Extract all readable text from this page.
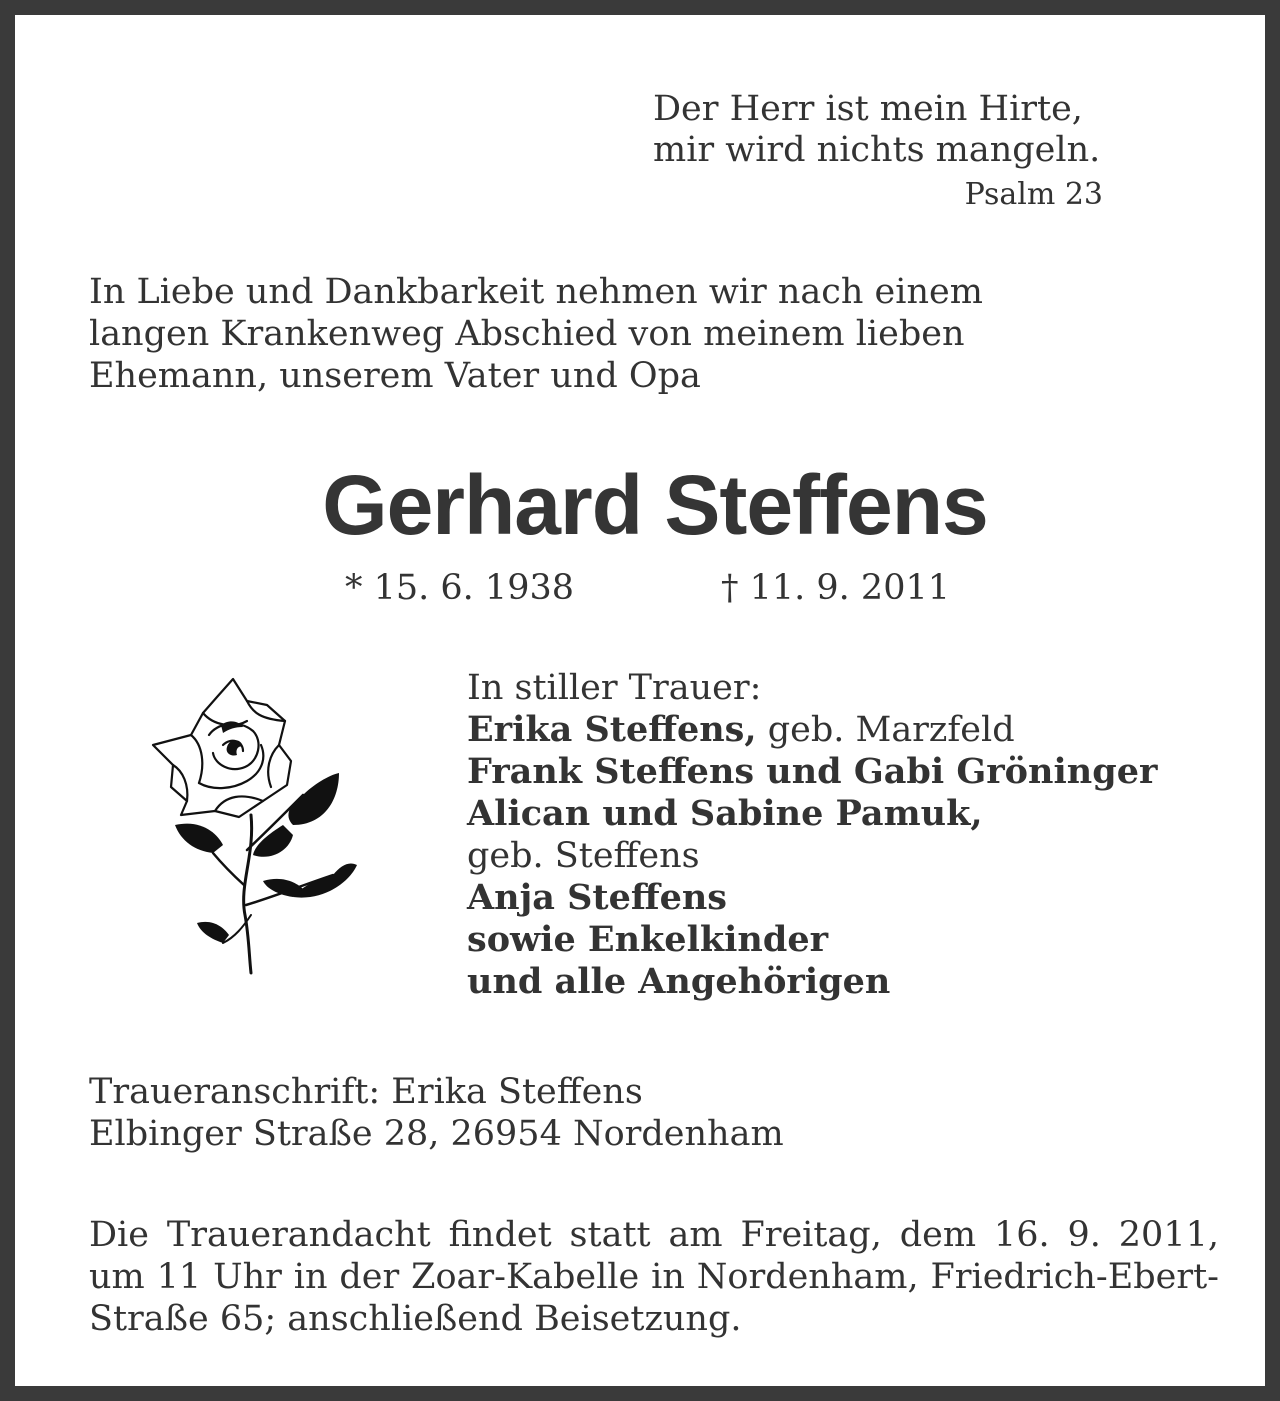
Der Herr ist mein Hirte,
mir wird nichts mangeln.
Psalm 23
In Liebe und Dankbarkeit nehmen wir nach einem
langen Krankenweg Abschied von meinem lieben
Ehemann, unserem Vater und Opa
Gerhard Steffens
* 15. 6. 1938	† 11. 9. 2011
In stiller Trauer:
Erika Steffens, geb. Marzfeld
Frank Steffens und Gabi Gröninger
Alican und Sabine Pamuk,
geb. Steffens
Anja Steffens
sowie Enkelkinder
und alle Angehörigen
Traueranschrift: Erika Steffens
Elbinger Straße 28, 26954 Nordenham
Die Trauerandacht findet statt am Freitag, dem 16. 9. 2011, um 11 Uhr in der Zoar-Kabelle in Nordenham, Friedrich-Ebert-Straße 65; anschließend Beisetzung.
